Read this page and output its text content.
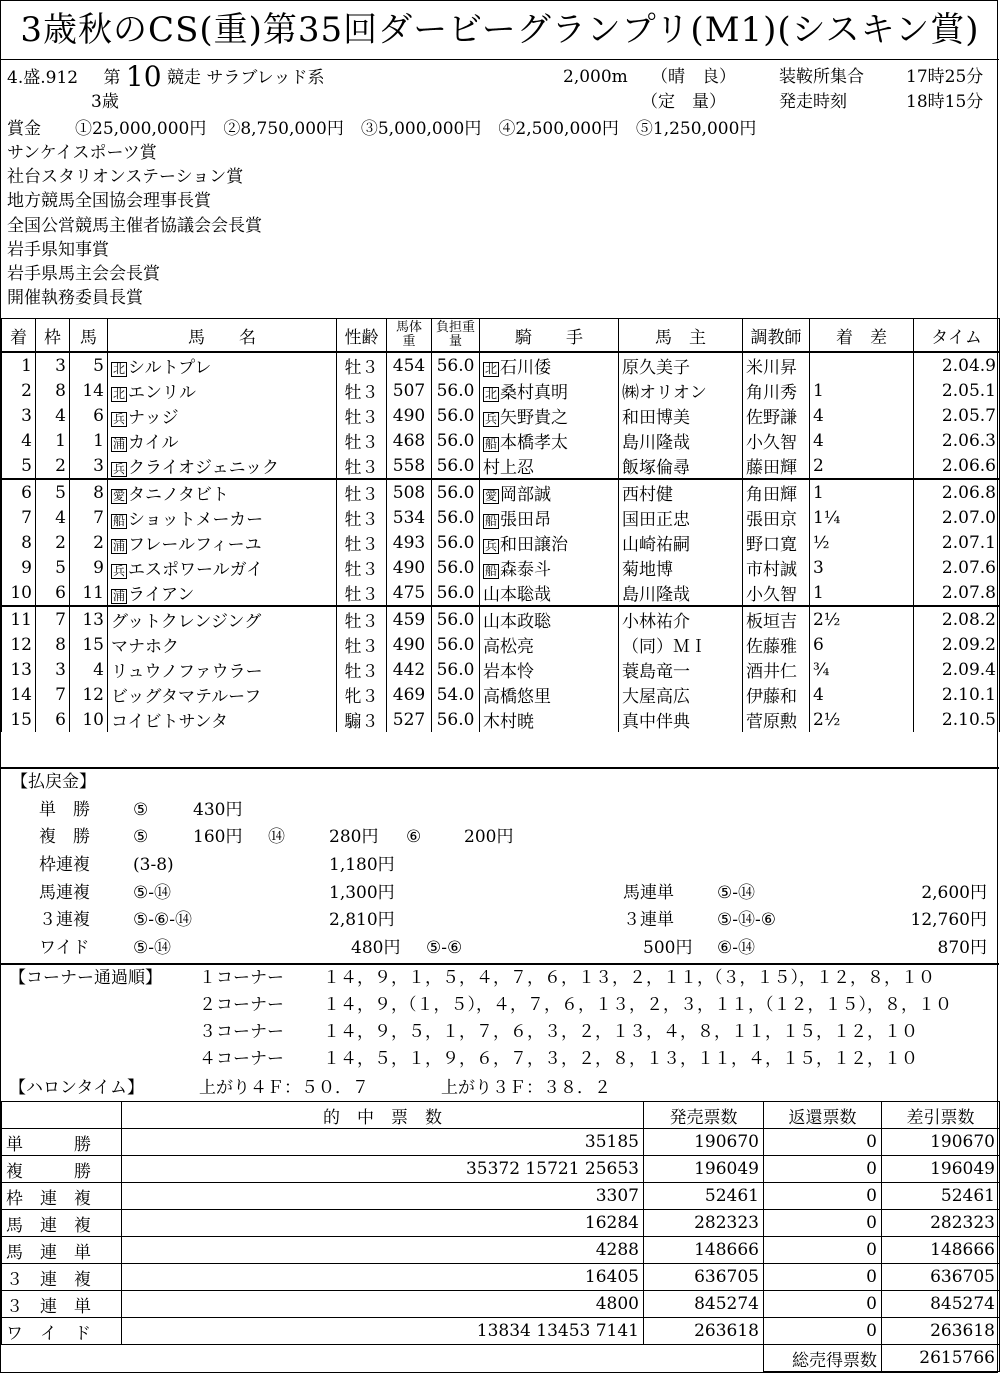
3歳秋のCS(重)第35回ダービーグランプリ(M1)(シスキン賞)
4.盛.912 第 10 競走 サラブレッド系
3歳
2,000m （晴　良）
（定　量）
装鞍所集合 17時25分
発走時刻	18時15分
賞金　　①25,000,000円　②8,750,000円　③5,000,000円　④2,500,000円　⑤1,250,000円
サンケイスポーツ賞
社台スタリオンステーション賞
地方競馬全国協会理事長賞
全国公営競馬主催者協議会会長賞
岩手県知事賞
岩手県馬主会会長賞
開催執務委員長賞
着	枠	馬	馬　　名	性齢	馬体重	負担重量	騎　　手	馬　主	調教師	着　差	タイム
1	3	5	北 シルトプレ	牡３	454	56.0	北 石川倭	原久美子	米川昇		2.04.9
2	8	14	北 エンリル	牡３	507	56.0	北 桑村真明	㈱オリオン	角川秀	1	2.05.1
3	4	6	兵 ナッジ	牡３	490	56.0	兵 矢野貴之	和田博美	佐野謙	4	2.05.7
4	1	1	浦 カイル	牡３	468	56.0	船 本橋孝太	島川隆哉	小久智	4	2.06.3
5	2	3	兵 クライオジェニック	牡３	558	56.0	村上忍	飯塚倫尋	藤田輝	2	2.06.6
6	5	8	愛 タニノタビト	牡３	508	56.0	愛 岡部誠	西村健	角田輝	1	2.06.8
7	4	7	船 ショットメーカー	牡３	534	56.0	船 張田昂	国田正忠	張田京	1¼	2.07.0
8	2	2	浦 フレールフィーユ	牡３	493	56.0	兵 和田譲治	山崎祐嗣	野口寛	½	2.07.1
9	5	9	兵 エスポワールガイ	牡３	490	56.0	船 森泰斗	菊地博	市村誠	3	2.07.6
10	6	11	浦 ライアン	牡３	475	56.0	山本聡哉	島川隆哉	小久智	1	2.07.8
11	7	13	グットクレンジング	牡３	459	56.0	山本政聡	小林祐介	板垣吉	2½	2.08.2
12	8	15	マナホク	牡３	490	56.0	高松亮	（同）ＭＩ	佐藤雅	6	2.09.2
13	3	4	リュウノファウラー	牡３	442	56.0	岩本怜	蓑島竜一	酒井仁	¾	2.09.4
14	7	12	ビッグタマテルーフ	牝３	469	54.0	高橋悠里	大屋高広	伊藤和	4	2.10.1
15	6	10	コイビトサンタ	騸３	527	56.0	木村暁	真中伴典	菅原勲	2½	2.10.5
【払戻金】
単　勝	⑤	430円
複　勝	⑤	160円 ⑭	280円 ⑥	200円
枠連複	(3-8)	1,180円
馬連複	⑤-⑭	1,300円	馬連単	⑤-⑭	2,600円
３連複	⑤-⑥-⑭	2,810円	３連単	⑤-⑭-⑥	12,760円
ワイド	⑤-⑭	480円 ⑤-⑥	500円 ⑥-⑭	870円
【コーナー通過順】 １コーナー １４，９，１，５，４，７，６，１３，２，１１，（３，１５），１２，８，１０
２コーナー １４，９，（１，５），４，７，６，１３，２，３，１１，（１２，１５），８，１０
３コーナー １４，９，５，１，７，６，３，２，１３，４，８，１１，１５，１２，１０
４コーナー １４，５，１，９，６，７，３，２，８，１３，１１，４，１５，１２，１０
【ハロンタイム】	上がり４Ｆ：５０．７	上がり３Ｆ：３８．２
	的　中　票　数	発売票数	返還票数	差引票数
単　　　勝	35185	190670	0	190670
複　　　勝	35372 15721 25653	196049	0	196049
枠　連　複	3307	52461	0	52461
馬　連　複	16284	282323	0	282323
馬　連　単	4288	148666	0	148666
３　連　複	16405	636705	0	636705
３　連　単	4800	845274	0	845274
ワ　イ　ド	13834 13453 7141	263618	0	263618
			総売得票数	2615766
